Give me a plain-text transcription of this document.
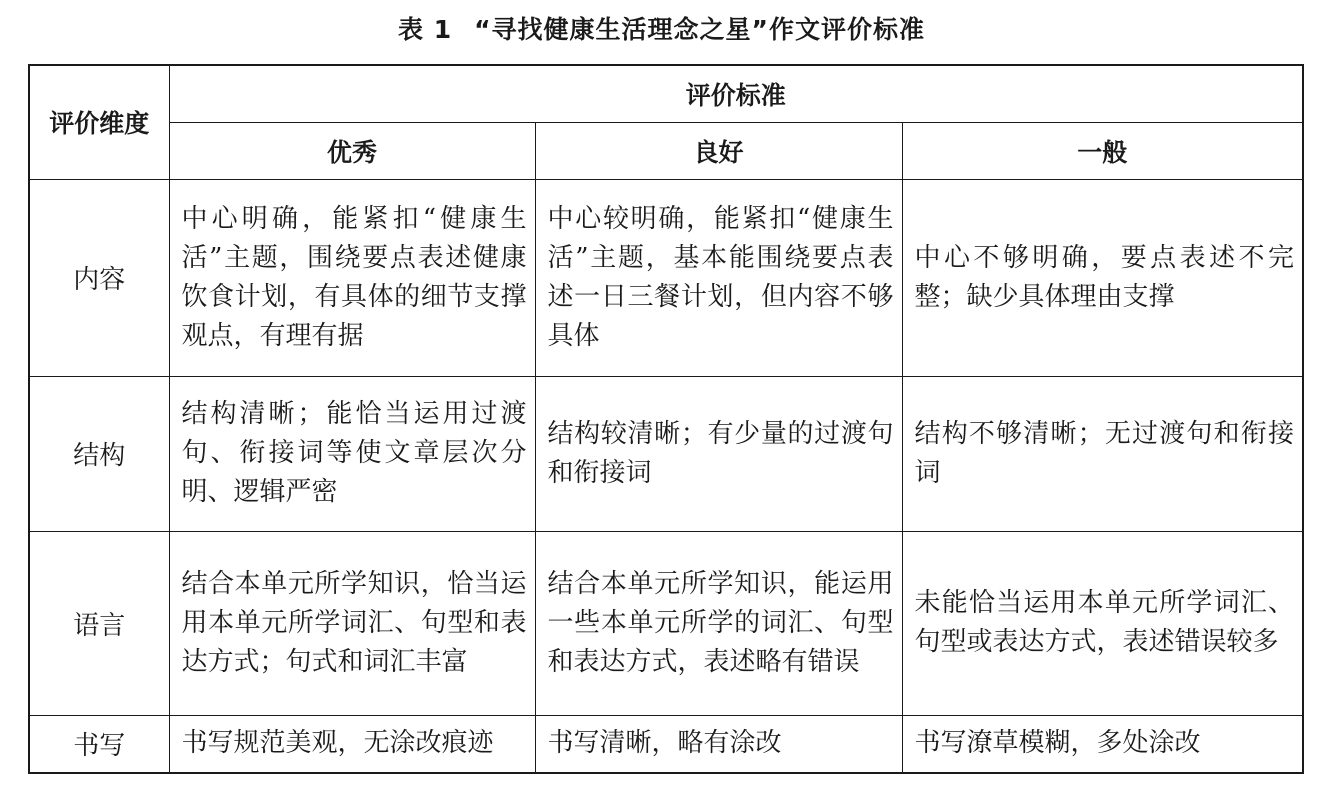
表 1 “寻找健康生活理念之星”作文评价标准
评价维度	评价标准		
	优秀	良好	一般
内容	中心明确，能紧扣“健康生活”主题，围绕要点表述健康饮食计划，有具体的细节支撑观点，有理有据	中心较明确，能紧扣“健康生活”主题，基本能围绕要点表述一日三餐计划，但内容不够具体	中心不够明确，要点表述不完整；缺少具体理由支撑
结构	结构清晰；能恰当运用过渡句、衔接词等使文章层次分明、逻辑严密	结构较清晰；有少量的过渡句和衔接词	结构不够清晰；无过渡句和衔接词
语言	结合本单元所学知识，恰当运用本单元所学词汇、句型和表达方式；句式和词汇丰富	结合本单元所学知识，能运用一些本单元所学的词汇、句型和表达方式，表述略有错误	未能恰当运用本单元所学词汇、句型或表达方式，表述错误较多
书写	书写规范美观，无涂改痕迹	书写清晰，略有涂改	书写潦草模糊，多处涂改
